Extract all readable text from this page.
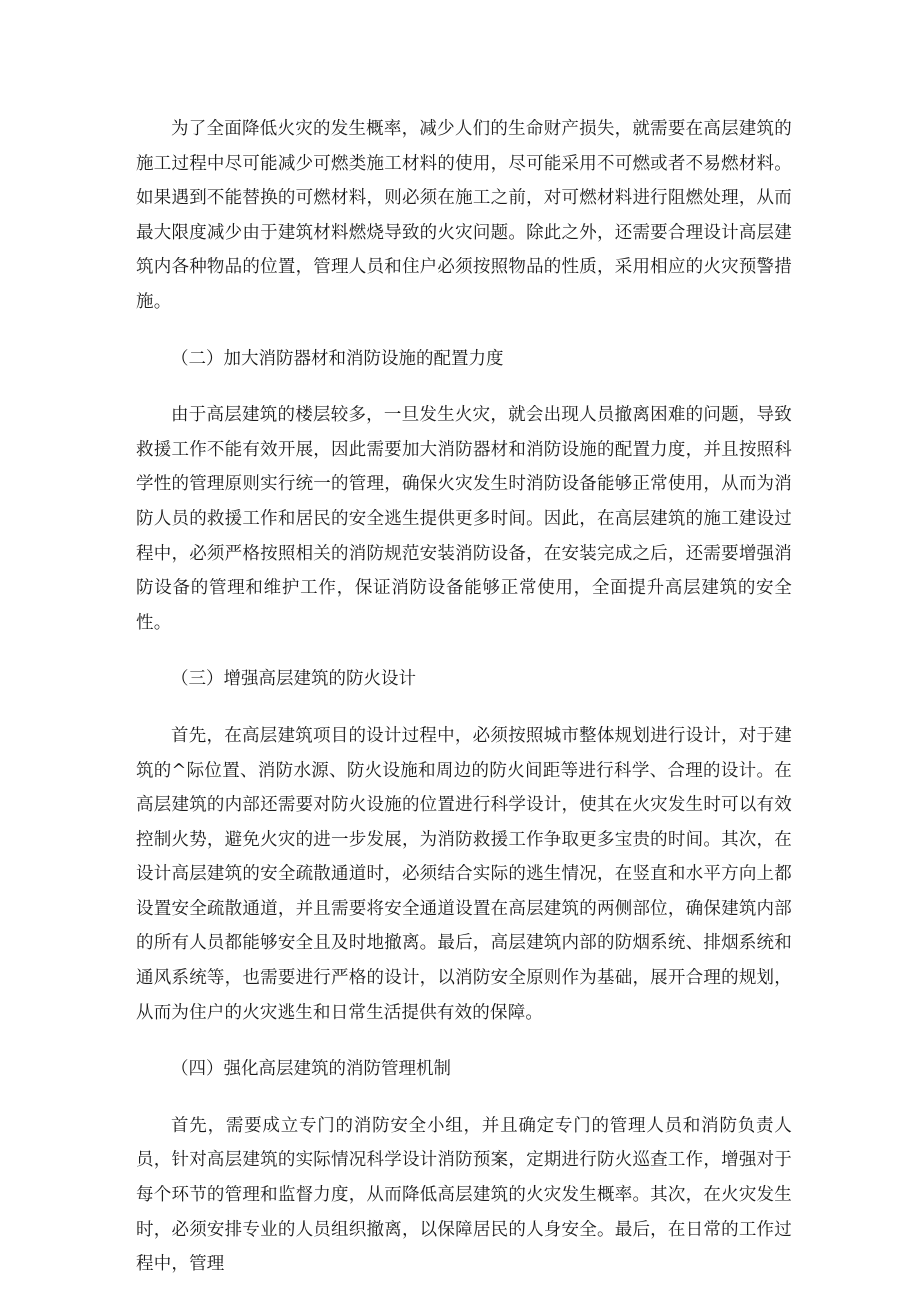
为了全面降低火灾的发生概率，减少人们的生命财产损失，就需要在高层建筑的施工过程中尽可能减少可燃类施工材料的使用，尽可能采用不可燃或者不易燃材料。如果遇到不能替换的可燃材料，则必须在施工之前，对可燃材料进行阻燃处理，从而最大限度减少由于建筑材料燃烧导致的火灾问题。除此之外，还需要合理设计高层建筑内各种物品的位置，管理人员和住户必须按照物品的性质，采用相应的火灾预警措施。

（二）加大消防器材和消防设施的配置力度

由于高层建筑的楼层较多，一旦发生火灾，就会出现人员撤离困难的问题，导致救援工作不能有效开展，因此需要加大消防器材和消防设施的配置力度，并且按照科学性的管理原则实行统一的管理，确保火灾发生时消防设备能够正常使用，从而为消防人员的救援工作和居民的安全逃生提供更多时间。因此，在高层建筑的施工建设过程中，必须严格按照相关的消防规范安装消防设备，在安装完成之后，还需要增强消防设备的管理和维护工作，保证消防设备能够正常使用，全面提升高层建筑的安全性。

（三）增强高层建筑的防火设计

首先，在高层建筑项目的设计过程中，必须按照城市整体规划进行设计，对于建筑的^际位置、消防水源、防火设施和周边的防火间距等进行科学、合理的设计。在高层建筑的内部还需要对防火设施的位置进行科学设计，使其在火灾发生时可以有效控制火势，避免火灾的进一步发展，为消防救援工作争取更多宝贵的时间。其次，在设计高层建筑的安全疏散通道时，必须结合实际的逃生情况，在竖直和水平方向上都设置安全疏散通道，并且需要将安全通道设置在高层建筑的两侧部位，确保建筑内部的所有人员都能够安全且及时地撤离。最后，高层建筑内部的防烟系统、排烟系统和通风系统等，也需要进行严格的设计，以消防安全原则作为基础，展开合理的规划，从而为住户的火灾逃生和日常生活提供有效的保障。

（四）强化高层建筑的消防管理机制

首先，需要成立专门的消防安全小组，并且确定专门的管理人员和消防负责人员，针对高层建筑的实际情况科学设计消防预案，定期进行防火巡查工作，增强对于每个环节的管理和监督力度，从而降低高层建筑的火灾发生概率。其次，在火灾发生时，必须安排专业的人员组织撤离，以保障居民的人身安全。最后，在日常的工作过程中，管理
